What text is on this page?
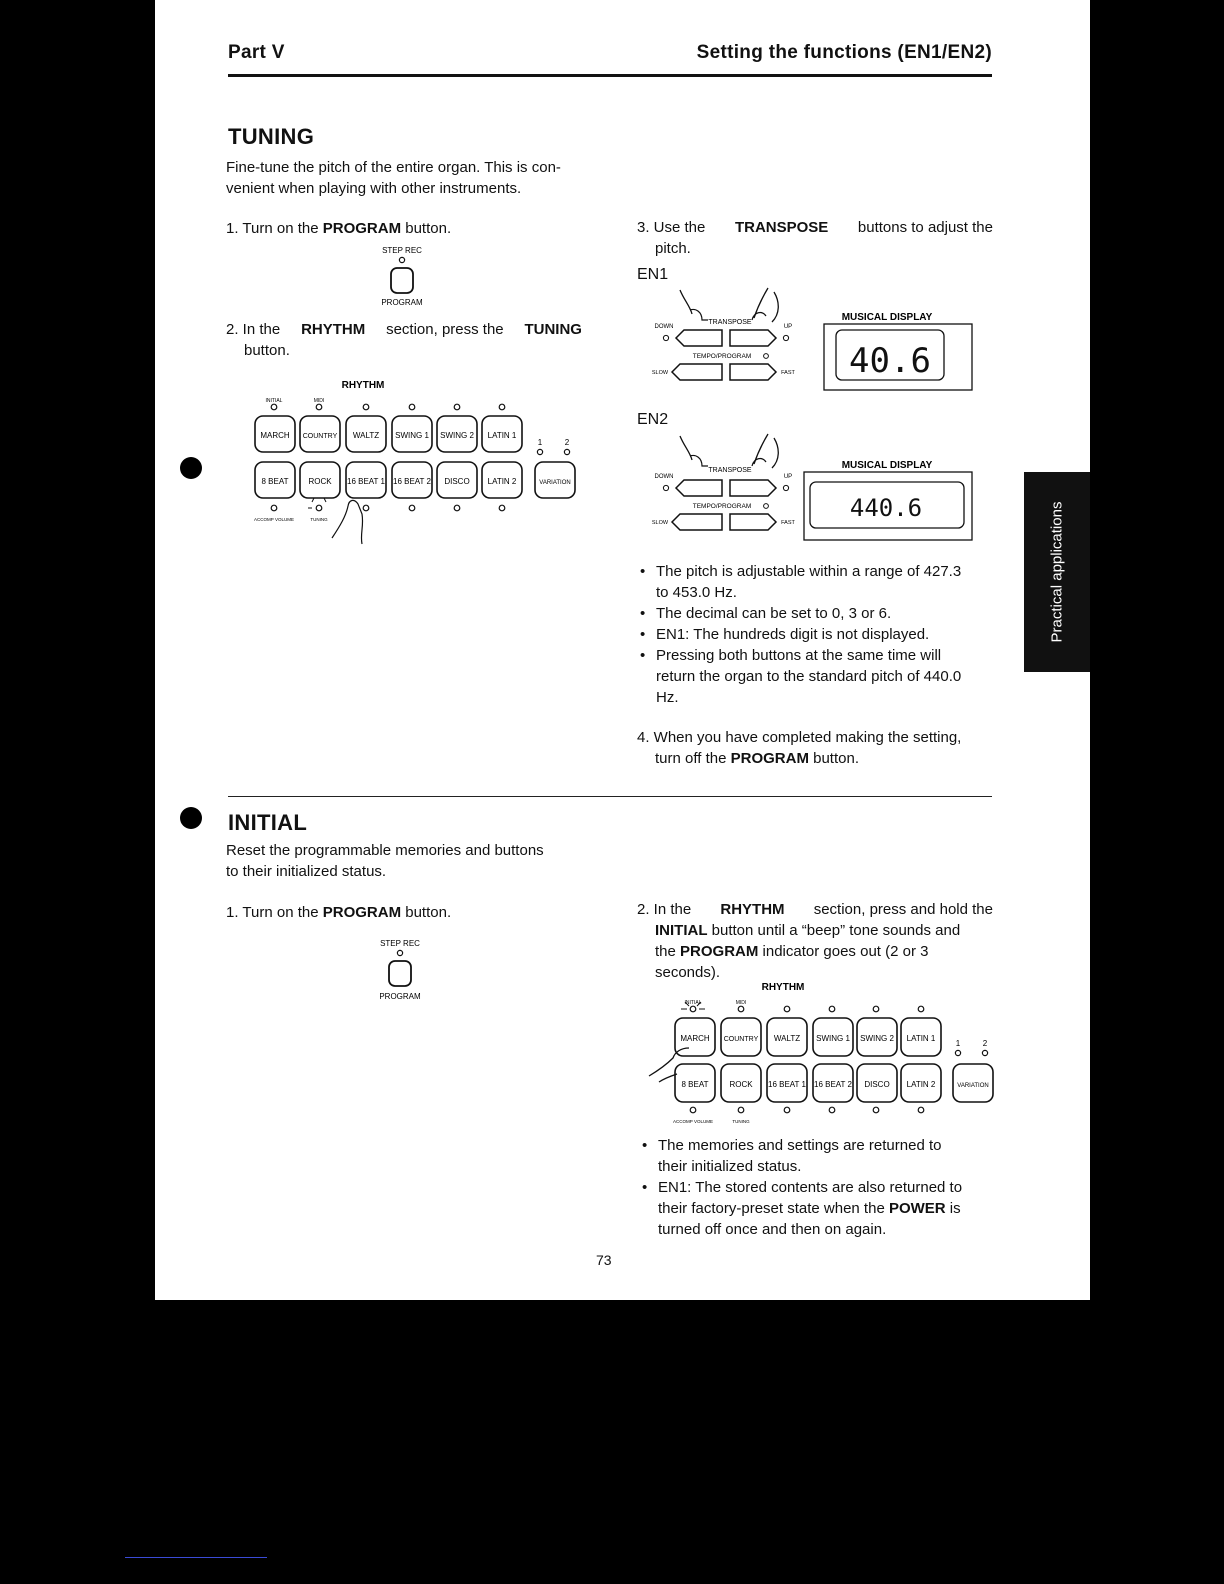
Part V	Setting the functions (EN1/EN2)
TUNING
Fine-tune the pitch of the entire organ. This is con-
venient when playing with other instruments.
1. Turn on the PROGRAM button.
STEP REC
PROGRAM
2. In the RHYTHM section, press the TUNING
button.
RHYTHM
INITIAL	MIDI
MARCH COUNTRY WALTZ SWING 1 SWING 2 LATIN 1
8 BEAT ROCK 16 BEAT 1 16 BEAT 2 DISCO LATIN 2	VARIATION
1	2
ACCOMP VOLUME	TUNING
3. Use the TRANSPOSE buttons to adjust the
pitch.
EN1
EN2
TRANSPOSE
DOWN	UP
TEMPO/PROGRAM
SLOW	FAST
MUSICAL DISPLAY
40.6
TRANSPOSE
DOWN	UP
TEMPO/PROGRAM
SLOW	FAST
MUSICAL DISPLAY
440.6
• The pitch is adjustable within a range of 427.3
to 453.0 Hz.
• The decimal can be set to 0, 3 or 6.
• EN1: The hundreds digit is not displayed.
• Pressing both buttons at the same time will
return the organ to the standard pitch of 440.0
Hz.
4. When you have completed making the setting,
turn off the PROGRAM button.
INITIAL
Reset the programmable memories and buttons
to their initialized status.
1. Turn on the PROGRAM button.
STEP REC
PROGRAM
2. In the RHYTHM section, press and hold the
INITIAL button until a “beep” tone sounds and
the PROGRAM indicator goes out (2 or 3
seconds).
RHYTHM
INITIAL	MIDI
MARCH COUNTRY WALTZ SWING 1 SWING 2 LATIN 1
8 BEAT	ROCK 16 BEAT 1 16 BEAT 2 DISCO LATIN 2	VARIATION
1	2
ACCOMP VOLUME	TUNING
• The memories and settings are returned to
their initialized status.
• EN1: The stored contents are also returned to
their factory-preset state when the POWER is
turned off once and then on again.
73
Practical applications
